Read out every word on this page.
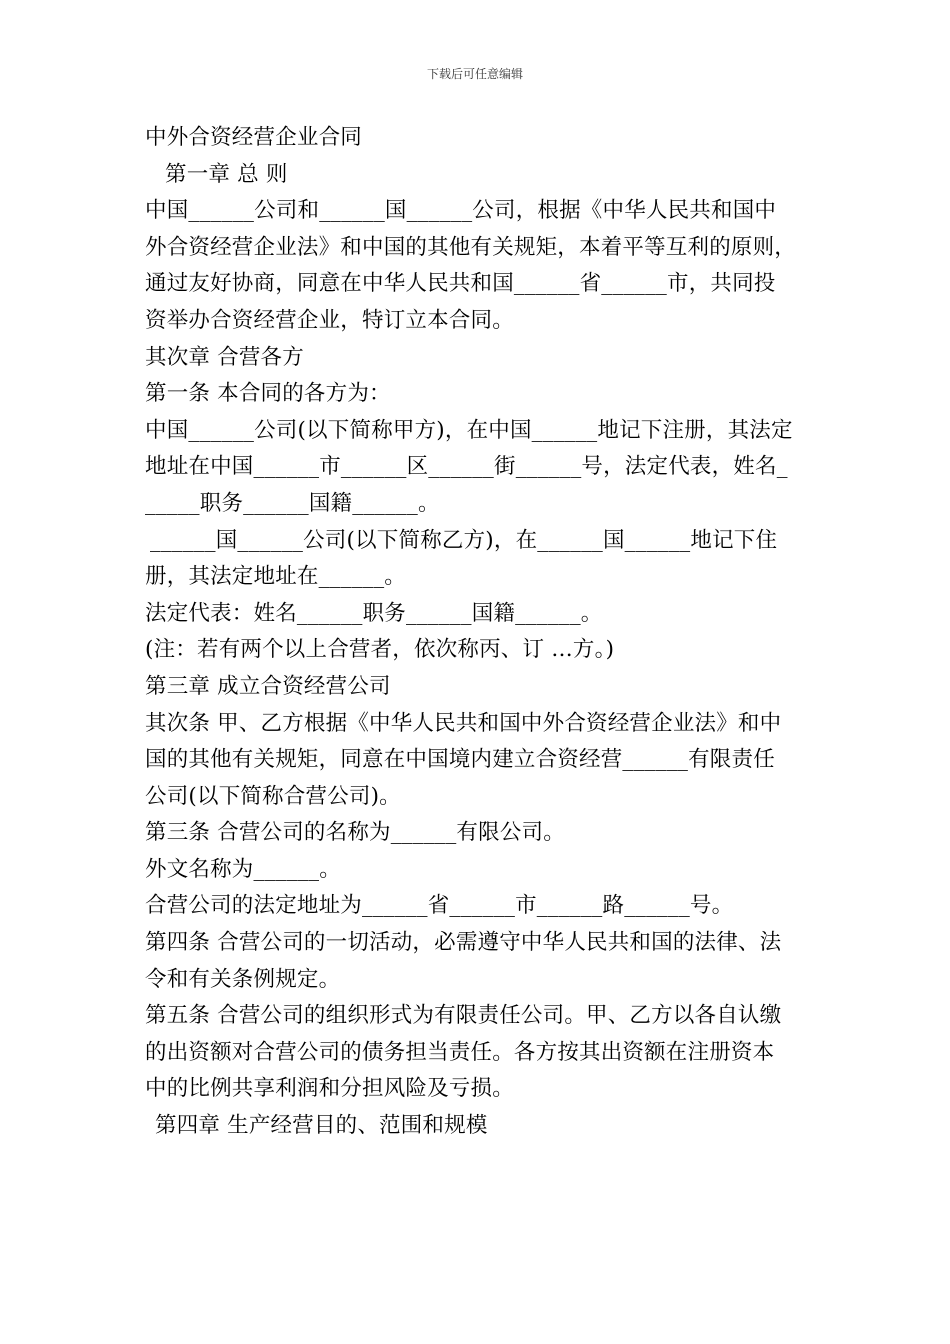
下载后可任意编辑
中外合资经营企业合同
第一章 总 则
中国______公司和______国______公司，根据《中华人民共和国中
外合资经营企业法》和中国的其他有关规矩，本着平等互利的原则，
通过友好协商，同意在中华人民共和国______省______市，共同投
资举办合资经营企业，特订立本合同。
其次章 合营各方
第一条 本合同的各方为：
中国______公司(以下简称甲方)，在中国______地记下注册，其法定
地址在中国______市______区______街______号，法定代表，姓名_
_____职务______国籍______。
______国______公司(以下简称乙方)，在______国______地记下住
册，其法定地址在______。
法定代表：姓名______职务______国籍______。
(注：若有两个以上合营者，依次称丙、订 …方。)
第三章 成立合资经营公司
其次条 甲、乙方根据《中华人民共和国中外合资经营企业法》和中
国的其他有关规矩，同意在中国境内建立合资经营______有限责任
公司(以下简称合营公司)。
第三条 合营公司的名称为______有限公司。
外文名称为______。
合营公司的法定地址为______省______市______路______号。
第四条 合营公司的一切活动，必需遵守中华人民共和国的法律、法
令和有关条例规定。
第五条 合营公司的组织形式为有限责任公司。甲、乙方以各自认缴
的出资额对合营公司的债务担当责任。各方按其出资额在注册资本
中的比例共享利润和分担风险及亏损。
第四章 生产经营目的、范围和规模
